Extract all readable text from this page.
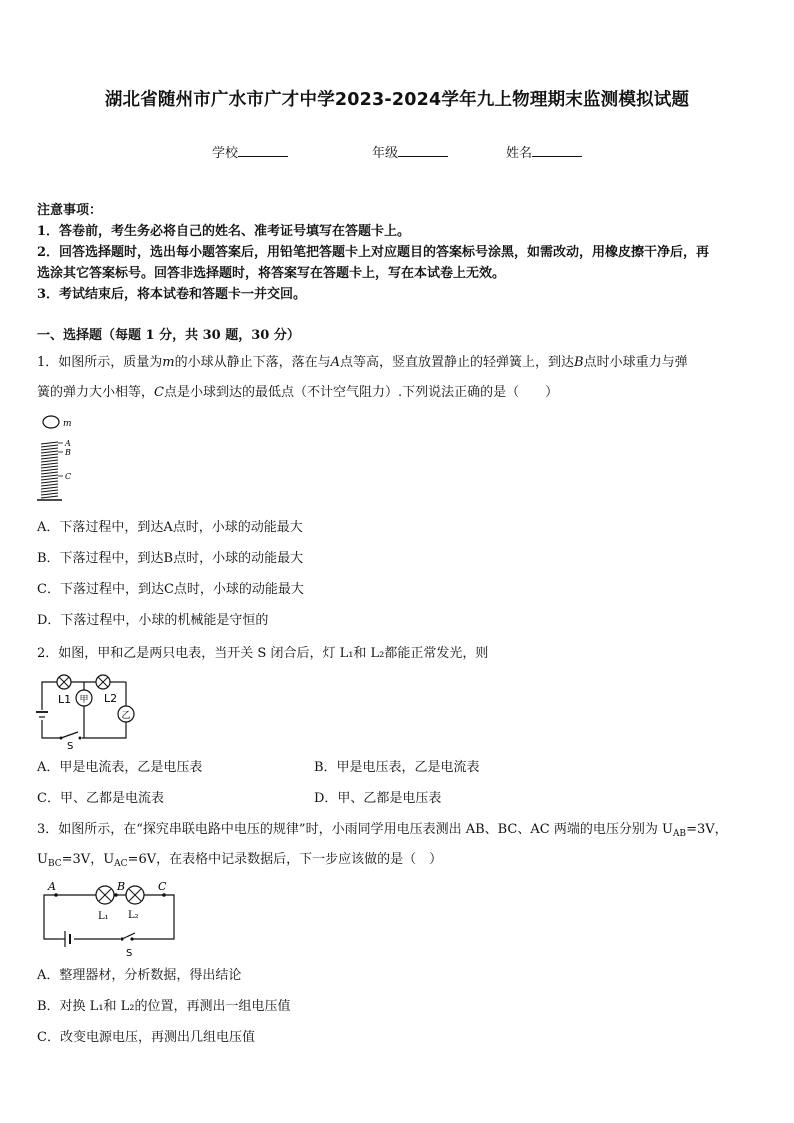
湖北省随州市广水市广才中学2023-2024学年九上物理期末监测模拟试题
学校	年级	姓名
注意事项：
1．答卷前，考生务必将自己的姓名、准考证号填写在答题卡上。
2．回答选择题时，选出每小题答案后，用铅笔把答题卡上对应题目的答案标号涂黑，如需改动，用橡皮擦干净后，再
选涂其它答案标号。回答非选择题时，将答案写在答题卡上，写在本试卷上无效。
3．考试结束后，将本试卷和答题卡一并交回。
一、选择题（每题 1 分，共 30 题，30 分）
1．如图所示，质量为m的小球从静止下落，落在与A点等高，竖直放置静止的轻弹簧上，到达B点时小球重力与弹
簧的弹力大小相等，C点是小球到达的最低点（不计空气阻力）.下列说法正确的是（　　）
m
A
B
C
A．下落过程中，到达A点时，小球的动能最大
B．下落过程中，到达B点时，小球的动能最大
C．下落过程中，到达C点时，小球的动能最大
D．下落过程中，小球的机械能是守恒的
2．如图，甲和乙是两只电表，当开关 S 闭合后，灯 L₁和 L₂都能正常发光，则
甲
乙
L1	L2
S
A．甲是电流表，乙是电压表	B．甲是电压表，乙是电流表
C．甲、乙都是电流表	D．甲、乙都是电压表
3．如图所示，在“探究串联电路中电压的规律”时，小雨同学用电压表测出 AB、BC、AC 两端的电压分别为 $U_{AB}=3V$，
$U_{BC}=3V$，$U_{AC}=6V$，在表格中记录数据后，下一步应该做的是（　）
A	B	C
L₁ L₂
S
A．整理器材，分析数据，得出结论
B．对换 L₁和 L₂的位置，再测出一组电压值
C．改变电源电压，再测出几组电压值
